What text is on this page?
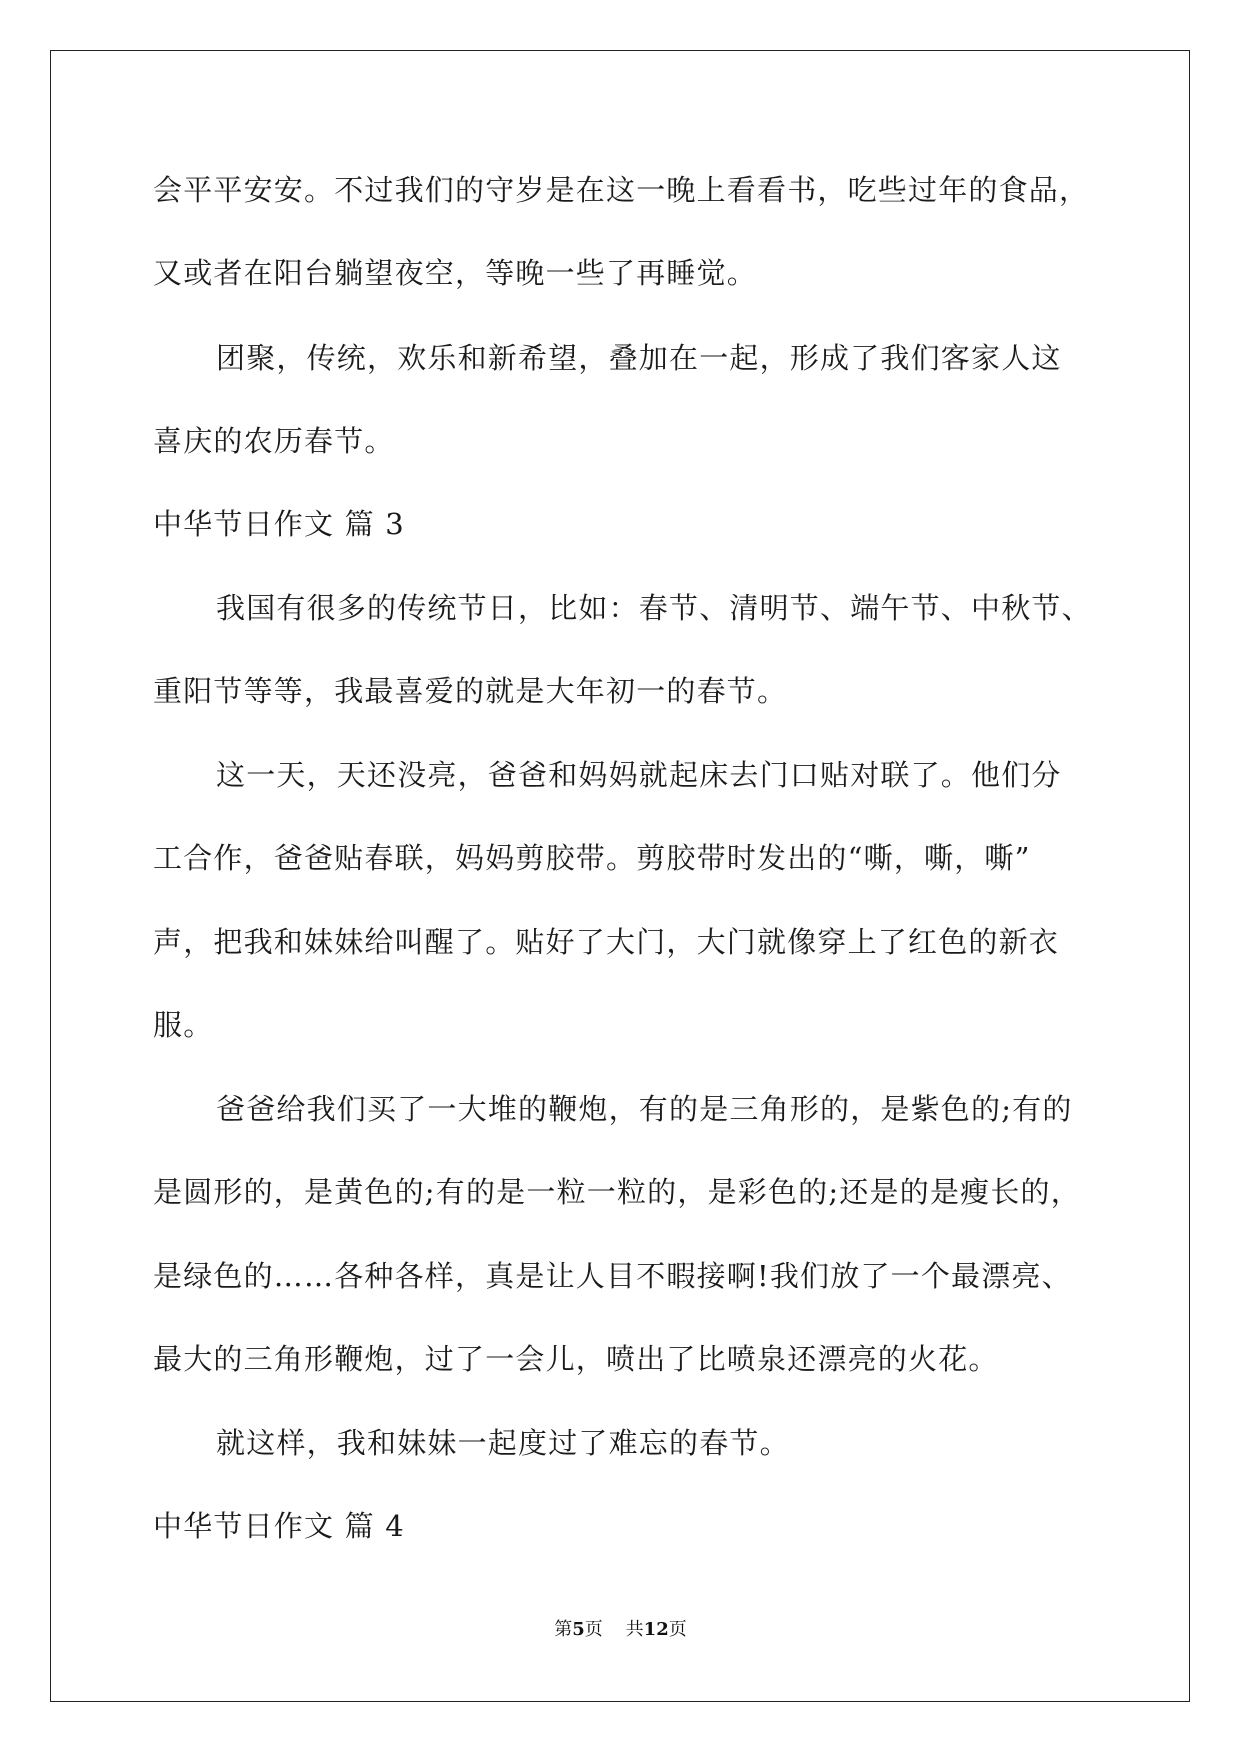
会平平安安。不过我们的守岁是在这一晚上看看书，吃些过年的食品，

又或者在阳台躺望夜空，等晚一些了再睡觉。

团聚，传统，欢乐和新希望，叠加在一起，形成了我们客家人这

喜庆的农历春节。

中华节日作文 篇 3

我国有很多的传统节日，比如：春节、清明节、端午节、中秋节、

重阳节等等，我最喜爱的就是大年初一的春节。

这一天，天还没亮，爸爸和妈妈就起床去门口贴对联了。他们分

工合作，爸爸贴春联，妈妈剪胶带。剪胶带时发出的“嘶，嘶，嘶”

声，把我和妹妹给叫醒了。贴好了大门，大门就像穿上了红色的新衣

服。

爸爸给我们买了一大堆的鞭炮，有的是三角形的，是紫色的;有的

是圆形的，是黄色的;有的是一粒一粒的，是彩色的;还是的是瘦长的，

是绿色的……各种各样，真是让人目不暇接啊!我们放了一个最漂亮、

最大的三角形鞭炮，过了一会儿，喷出了比喷泉还漂亮的火花。

就这样，我和妹妹一起度过了难忘的春节。

中华节日作文 篇 4

第5页    共12页
